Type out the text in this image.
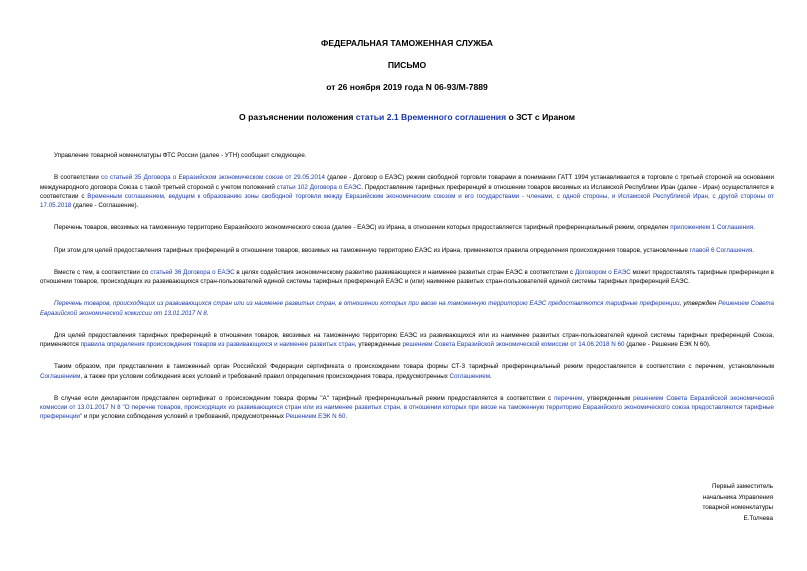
ФЕДЕРАЛЬНАЯ ТАМОЖЕННАЯ СЛУЖБА
ПИСЬМО
от 26 ноября 2019 года N 06-93/М-7889
О разъяснении положения статьи 2.1 Временного соглашения о ЗСТ с Ираном

Управление товарной номенклатуры ФТС России (далее - УТН) сообщает следующее.

В соответствии со статьей 35 Договора о Евразийском экономическом союзе от 29.05.2014 (далее - Договор о ЕАЭС) режим свободной торговли товарами в понимании ГАТТ 1994 устанавливается в торговле с третьей стороной на основании международного договора Союза с такой третьей стороной с учетом положений статьи 102 Договора о ЕАЭС. Предоставление тарифных преференций в отношении товаров ввозимых из Исламской Республики Иран (далее - Иран) осуществляется в соответствии с Временным соглашением, ведущим к образованию зоны свободной торговли между Евразийским экономическим союзом и его государствами - членами, с одной стороны, и Исламской Республикой Иран, с другой стороны от 17.05.2018 (далее - Соглашение).

Перечень товаров, ввозимых на таможенную территорию Евразийского экономического союза (далее - ЕАЭС) из Ирана, в отношении которых предоставляется тарифный преференциальный режим, определен приложением 1 Соглашения.

При этом для целей предоставления тарифных преференций в отношении товаров, ввозимых на таможенную территорию ЕАЭС из Ирана, применяются правила определения происхождения товаров, установленные главой 6 Соглашения.

Вместе с тем, в соответствии со статьей 36 Договора о ЕАЭС в целях содействия экономическому развитию развивающихся и наименее развитых стран ЕАЭС в соответствии с Договором о ЕАЭС может предоставлять тарифные преференции в отношении товаров, происходящих из развивающихся стран-пользователей единой системы тарифных преференций ЕАЭС и (или) наименее развитых стран-пользователей единой системы тарифных преференций ЕАЭС.

Перечень товаров, происходящих из развивающихся стран или из наименее развитых стран, в отношении которых при ввозе на таможенную территорию ЕАЭС предоставляются тарифные преференции, утвержден Решением Совета Евразийской экономической комиссии от 13.01.2017 N 8.

Для целей предоставления тарифных преференций в отношении товаров, ввозимых на таможенную территорию ЕАЭС из развивающихся или из наименее развитых стран-пользователей единой системы тарифных преференций Союза, применяются правила определения происхождения товаров из развивающихся и наименее развитых стран, утвержденные решением Совета Евразийской экономической комиссии от 14.06.2018 N 60 (далее - Решение ЕЭК N 60).

Таким образом, при представлении в таможенный орган Российской Федерации сертификата о происхождении товара формы СТ-3 тарифный преференциальный режим предоставляется в соответствии с перечнем, установленным Соглашением, а также при условии соблюдения всех условий и требований правил определения происхождения товара, предусмотренных Соглашением.

В случае если декларантом представлен сертификат о происхождении товара формы "А" тарифный преференциальный режим предоставляется в соответствии с перечнем, утвержденным решением Совета Евразийской экономической комиссии от 13.01.2017 N 8 "О перечне товаров, происходящих из развивающихся стран или из наименее развитых стран, в отношении которых при ввозе на таможенную территорию Евразийского экономического союза предоставляются тарифные преференции" и при условии соблюдения условий и требований, предусмотренных Решением ЕЭК N 60.

Первый заместитель
начальника Управления
товарной номенклатуры
Е.Толчева
